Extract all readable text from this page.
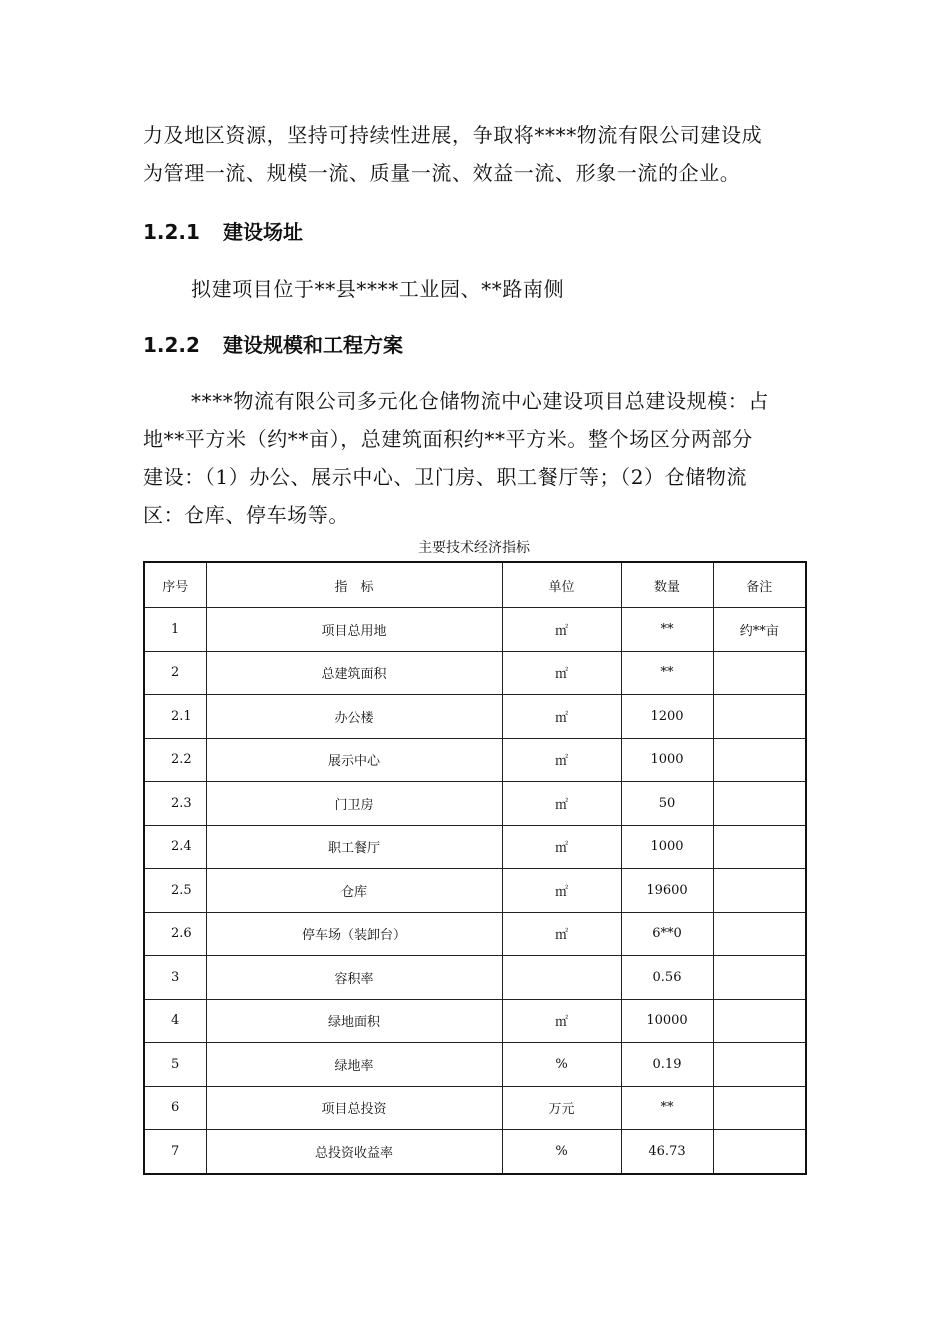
力及地区资源，坚持可持续性进展，争取将****物流有限公司建设成
为管理一流、规模一流、质量一流、效益一流、形象一流的企业。

1.2.1 建设场址

拟建项目位于**县****工业园、**路南侧

1.2.2 建设规模和工程方案

****物流有限公司多元化仓储物流中心建设项目总建设规模：占
地**平方米（约**亩），总建筑面积约**平方米。整个场区分两部分
建设：（1）办公、展示中心、卫门房、职工餐厅等；（2）仓储物流
区：仓库、停车场等。

主要技术经济指标
序号	指　标	单位	数量	备注
1	项目总用地	㎡	**	约**亩
2	总建筑面积	㎡	**	
2.1	办公楼	㎡	1200	
2.2	展示中心	㎡	1000	
2.3	门卫房	㎡	50	
2.4	职工餐厅	㎡	1000	
2.5	仓库	㎡	19600	
2.6	停车场（装卸台）	㎡	6**0	
3	容积率		0.56	
4	绿地面积	㎡	10000	
5	绿地率	%	0.19	
6	项目总投资	万元	**	
7	总投资收益率	%	46.73	
